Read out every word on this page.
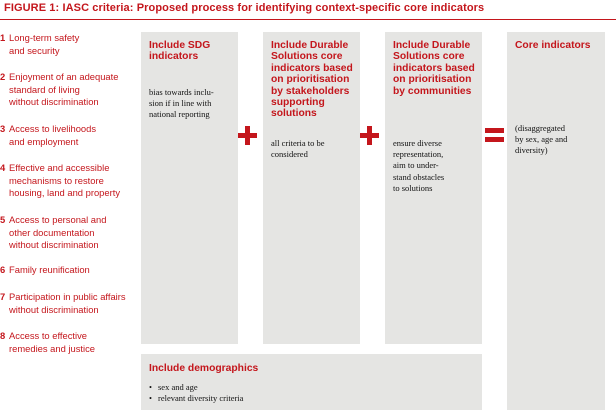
FIGURE 1: IASC criteria: Proposed process for identifying context-specific core indicators
1 Long-term safety
and security
2 Enjoyment of an adequate
standard of living
without discrimination
3 Access to livelihoods
and employment
4 Effective and accessible
mechanisms to restore
housing, land and property
5 Access to personal and
other documentation
without discrimination
6 Family reunification
7 Participation in public affairs
without discrimination
8 Access to effective
remedies and justice
Include SDG
indicators
bias towards inclu-
sion if in line with
national reporting
Include Durable
Solutions core
indicators based
on prioritisation
by stakeholders
supporting
solutions
all criteria to be
considered
Include Durable
Solutions core
indicators based
on prioritisation
by communities
ensure diverse
representation,
aim to under-
stand obstacles
to solutions
Core indicators
(disaggregated
by sex, age and
diversity)
Include demographics
• sex and age
• relevant diversity criteria
